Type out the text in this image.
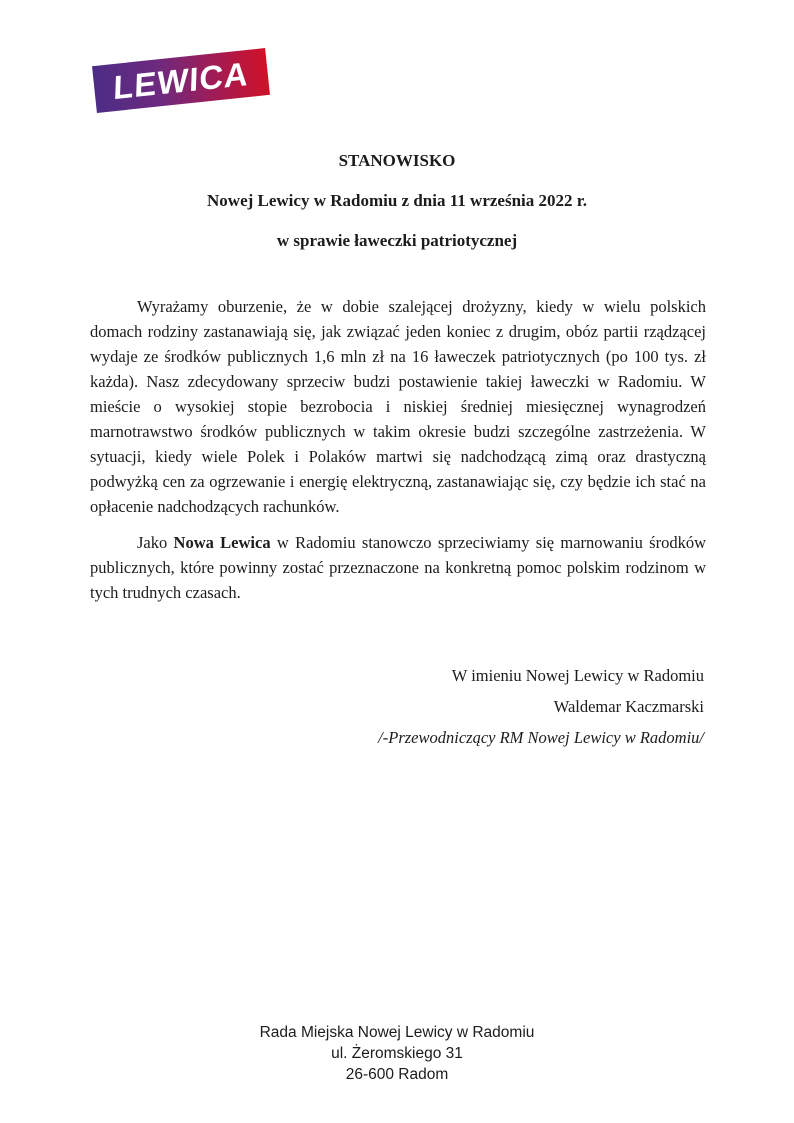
LEWICA
STANOWISKO
Nowej Lewicy w Radomiu z dnia 11 września 2022 r.
w sprawie ławeczki patriotycznej

Wyrażamy oburzenie, że w dobie szalejącej drożyzny, kiedy w wielu polskich domach rodziny zastanawiają się, jak związać jeden koniec z drugim, obóz partii rządzącej wydaje ze środków publicznych 1,6 mln zł na 16 ławeczek patriotycznych (po 100 tys. zł każda). Nasz zdecydowany sprzeciw budzi postawienie takiej ławeczki w Radomiu. W mieście o wysokiej stopie bezrobocia i niskiej średniej miesięcznej wynagrodzeń marnotrawstwo środków publicznych w takim okresie budzi szczególne zastrzeżenia. W sytuacji, kiedy wiele Polek i Polaków martwi się nadchodzącą zimą oraz drastyczną podwyżką cen za ogrzewanie i energię elektryczną, zastanawiając się, czy będzie ich stać na opłacenie nadchodzących rachunków.

Jako Nowa Lewica w Radomiu stanowczo sprzeciwiamy się marnowaniu środków publicznych, które powinny zostać przeznaczone na konkretną pomoc polskim rodzinom w tych trudnych czasach.

W imieniu Nowej Lewicy w Radomiu
Waldemar Kaczmarski
/-Przewodniczący RM Nowej Lewicy w Radomiu/
Rada Miejska Nowej Lewicy w Radomiu
ul. Żeromskiego 31
26-600 Radom
